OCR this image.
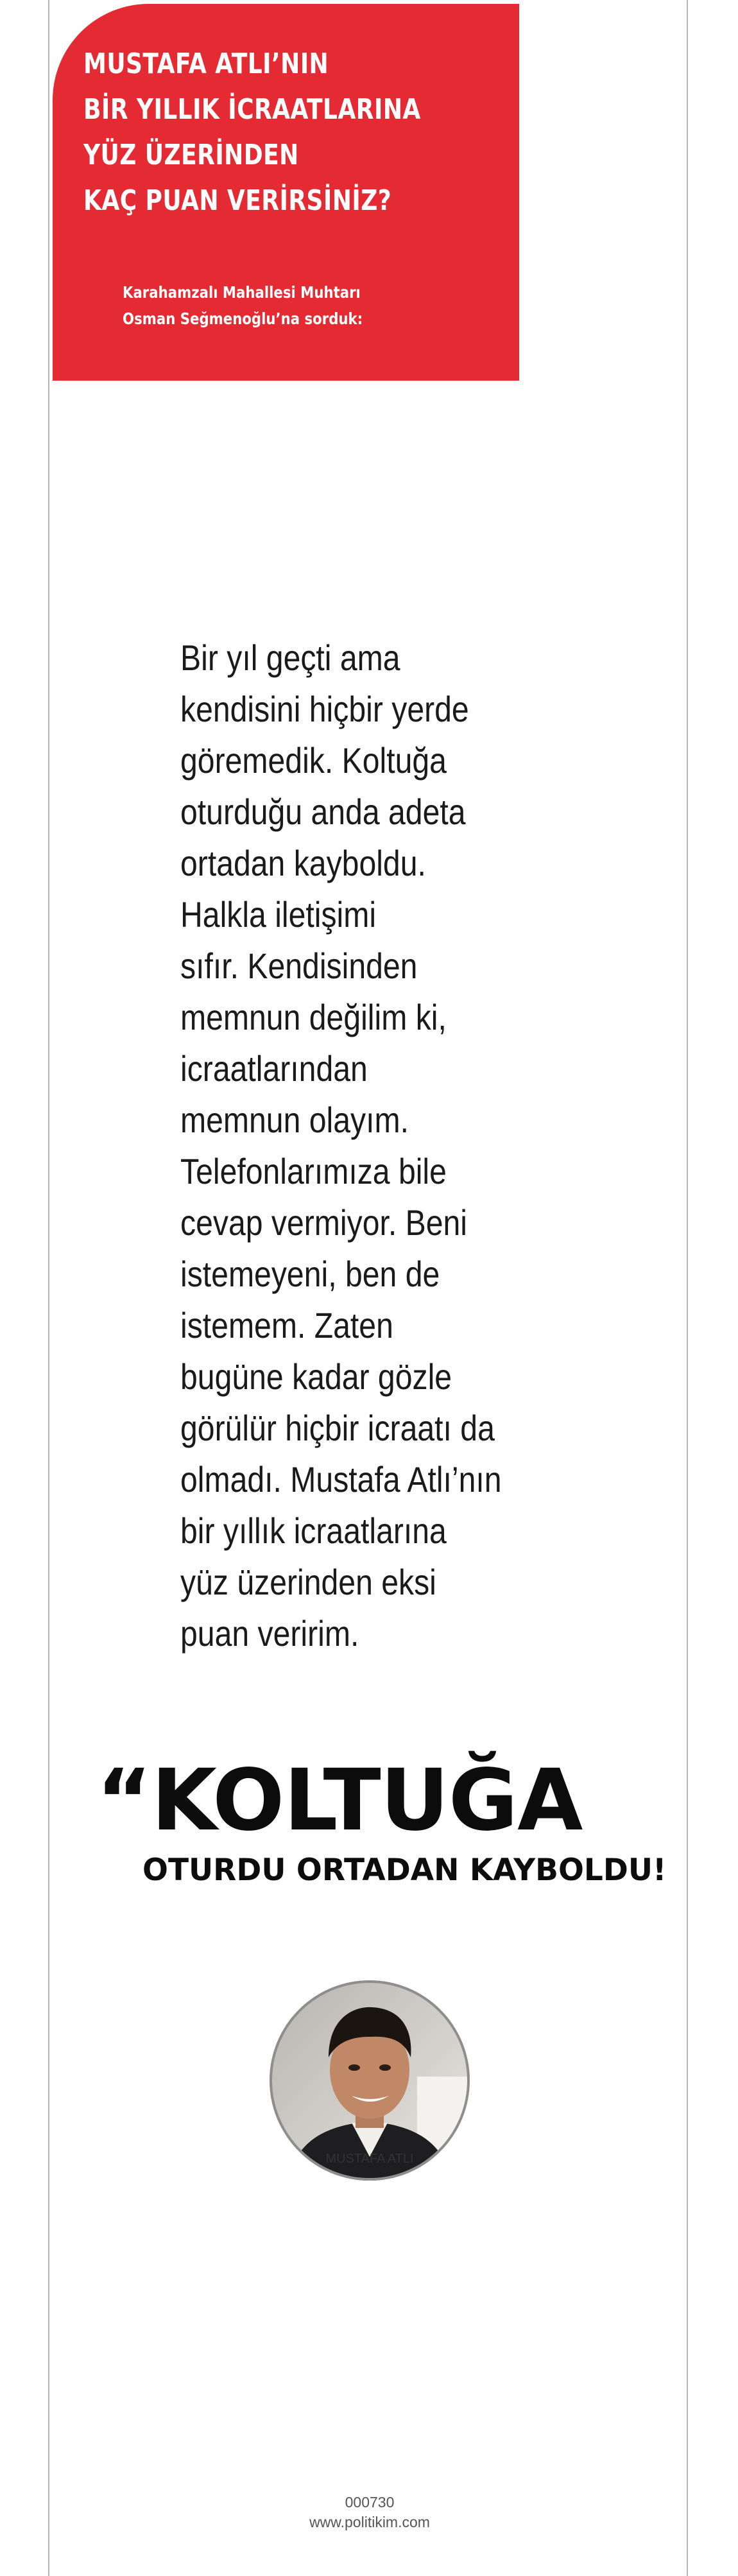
MUSTAFA ATLI’NIN
BİR YILLIK İCRAATLARINA
YÜZ ÜZERİNDEN
KAÇ PUAN VERİRSİNİZ?

Karahamzalı Mahallesi Muhtarı
Osman Seğmenoğlu’na sorduk:

Bir yıl geçti ama
kendisini hiçbir yerde
göremedik. Koltuğa
oturduğu anda adeta
ortadan kayboldu.
Halkla iletişimi
sıfır. Kendisinden
memnun değilim ki,
icraatlarından
memnun olayım.
Telefonlarımıza bile
cevap vermiyor. Beni
istemeyeni, ben de
istemem. Zaten
bugüne kadar gözle
görülür hiçbir icraatı da
olmadı. Mustafa Atlı’nın
bir yıllık icraatlarına
yüz üzerinden eksi
puan veririm.
“KOLTUĞA
OTURDU ORTADAN KAYBOLDU!
MUSTAFA ATLI
000730
www.politikim.com
